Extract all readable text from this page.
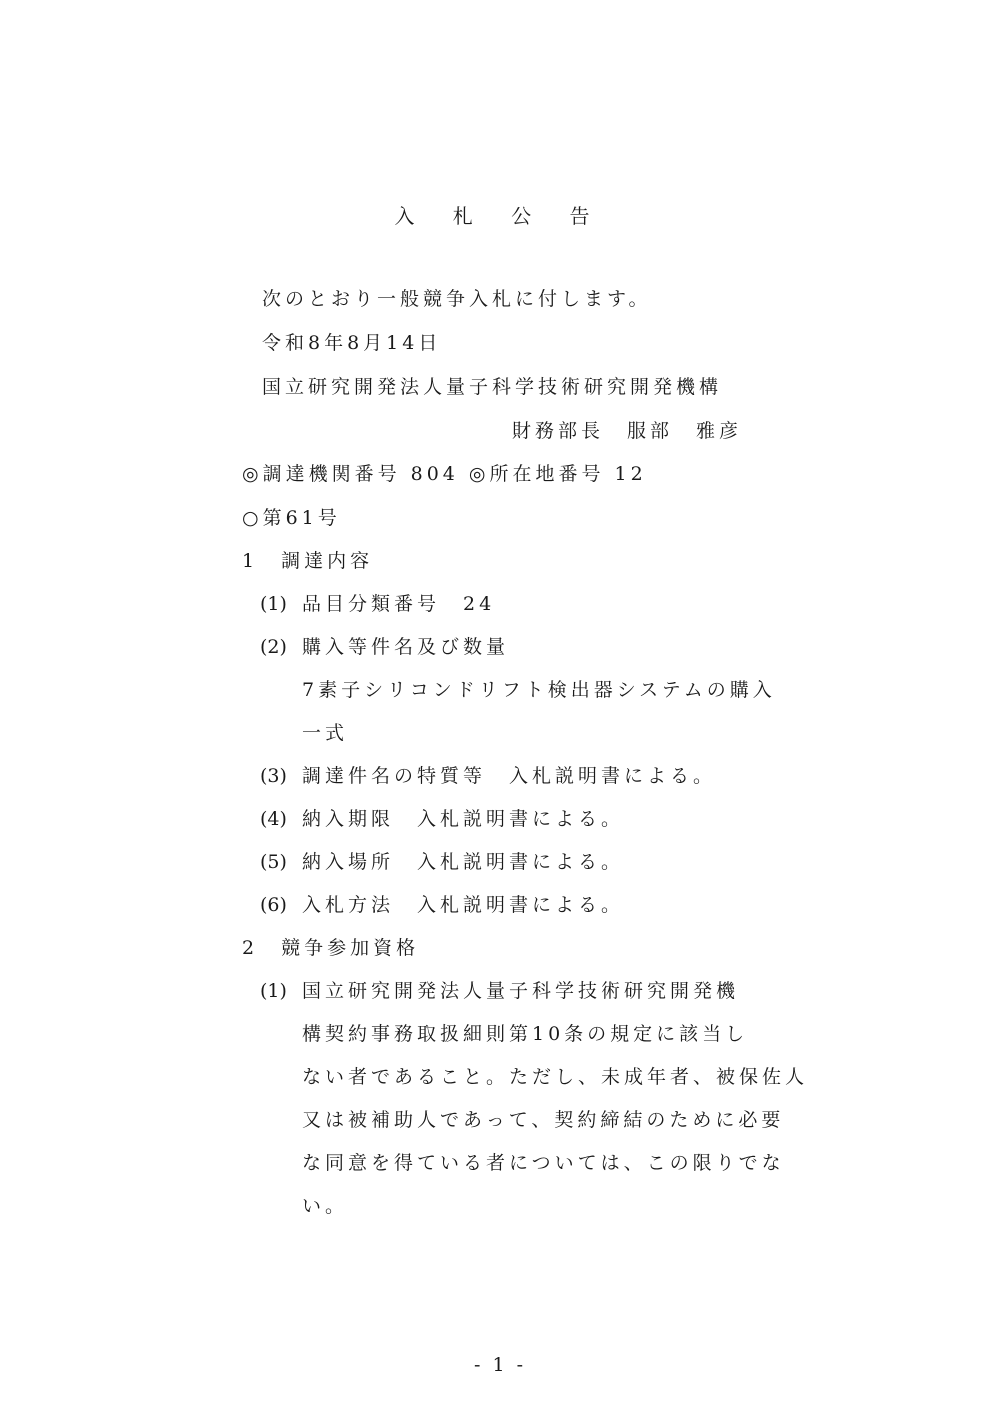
入 札 公 告
次のとおり一般競争入札に付します。
令和8年8月14日
国立研究開発法人量子科学技術研究開発機構
財務部長　服部　雅彦
◎調達機関番号 804 ◎所在地番号 12
○第61号
1　調達内容
(1) 品目分類番号　24
(2) 購入等件名及び数量
7素子シリコンドリフト検出器システムの購入
一式
(3) 調達件名の特質等　入札説明書による。
(4) 納入期限　入札説明書による。
(5) 納入場所　入札説明書による。
(6) 入札方法　入札説明書による。
2　競争参加資格
(1) 国立研究開発法人量子科学技術研究開発機
構契約事務取扱細則第10条の規定に該当し
ない者であること。ただし、未成年者、被保佐人
又は被補助人であって、契約締結のために必要
な同意を得ている者については、この限りでな
い。
- 1 -
